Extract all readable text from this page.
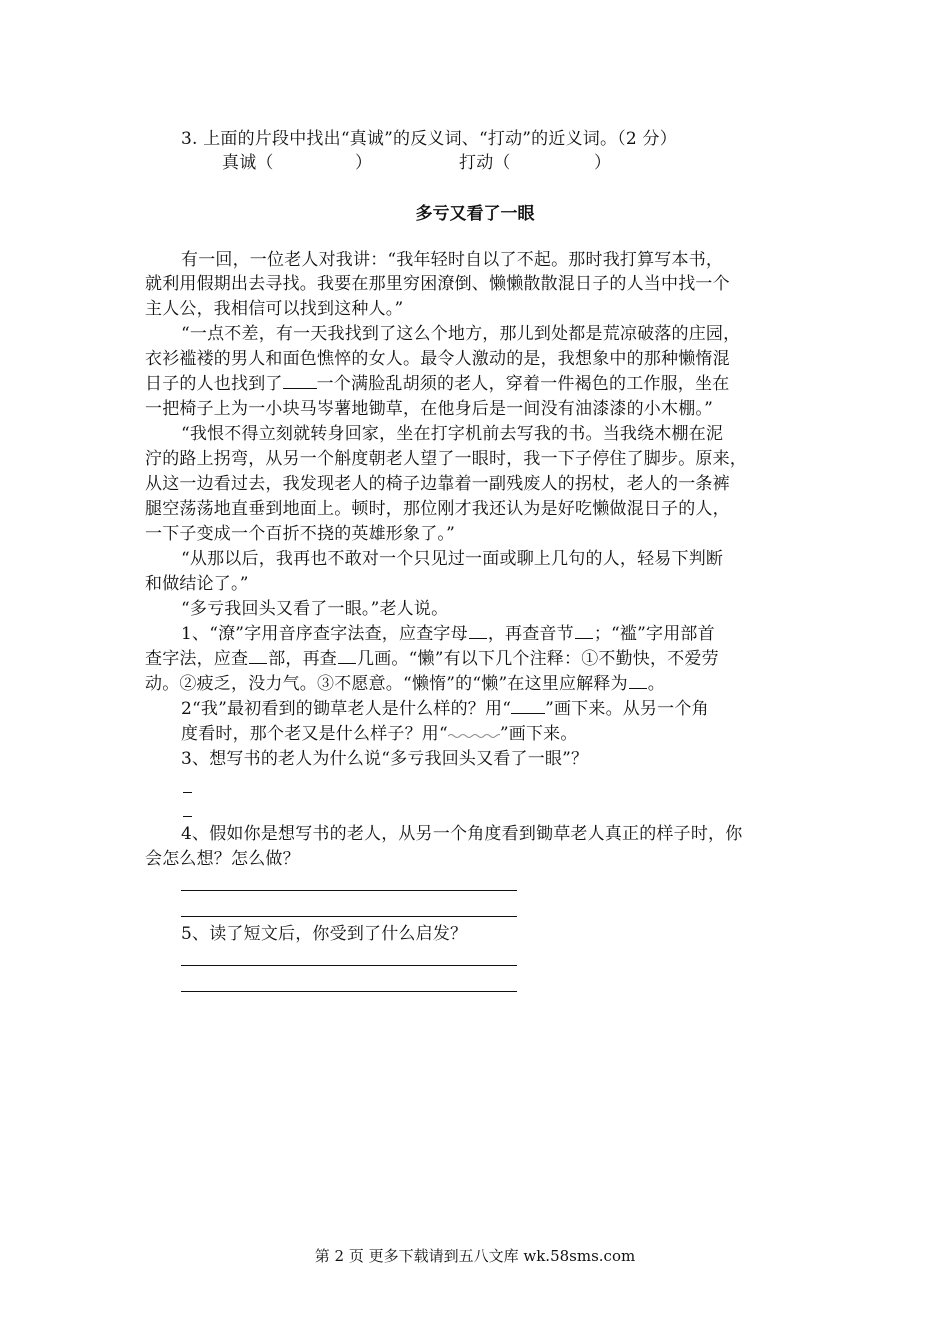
3. 上面的片段中找出“真诚”的反义词、“打动”的近义词。（2 分）
真诚（	）	打动（	）
多亏又看了一眼
有一回，一位老人对我讲：“我年轻时自以了不起。那时我打算写本书，
就利用假期出去寻找。我要在那里穷困潦倒、懒懒散散混日子的人当中找一个
主人公，我相信可以找到这种人。”
“一点不差，有一天我找到了这么个地方，那儿到处都是荒凉破落的庄园，
衣衫褴褛的男人和面色憔悴的女人。最令人激动的是，我想象中的那种懒惰混
日子的人也找到了 一个满脸乱胡须的老人，穿着一件褐色的工作服，坐在
一把椅子上为一小块马岑薯地锄草，在他身后是一间没有油漆漆的小木棚。”
“我恨不得立刻就转身回家，坐在打字机前去写我的书。当我绕木棚在泥
泞的路上拐弯，从另一个斛度朝老人望了一眼时，我一下子停住了脚步。原来，
从这一边看过去，我发现老人的椅子边靠着一副残废人的拐杖，老人的一条裤
腿空荡荡地直垂到地面上。顿时，那位刚才我还认为是好吃懒做混日子的人，
一下子变成一个百折不挠的英雄形象了。”
“从那以后，我再也不敢对一个只见过一面或聊上几句的人，轻易下判断
和做结论了。”
“多亏我回头又看了一眼。”老人说。
1、“潦”字用音序查字法查，应查字母 ，再查音节 ；“褴”字用部首
查字法，应查 部，再查 几画。“懒”有以下几个注释：①不勤快，不爱劳
动。②疲乏，没力气。③不愿意。“懒惰”的“懒”在这里应解释为 。
2“我”最初看到的锄草老人是什么样的？用“ ”画下来。从另一个角
度看时，那个老又是什么样子？用“	”画下来。
3、想写书的老人为什么说“多亏我回头又看了一眼”？
4、假如你是想写书的老人，从另一个角度看到锄草老人真正的样子时，你
会怎么想？怎么做？
5、读了短文后，你受到了什么启发？
第 2 页 更多下载请到五八文库 wk.58sms.com
